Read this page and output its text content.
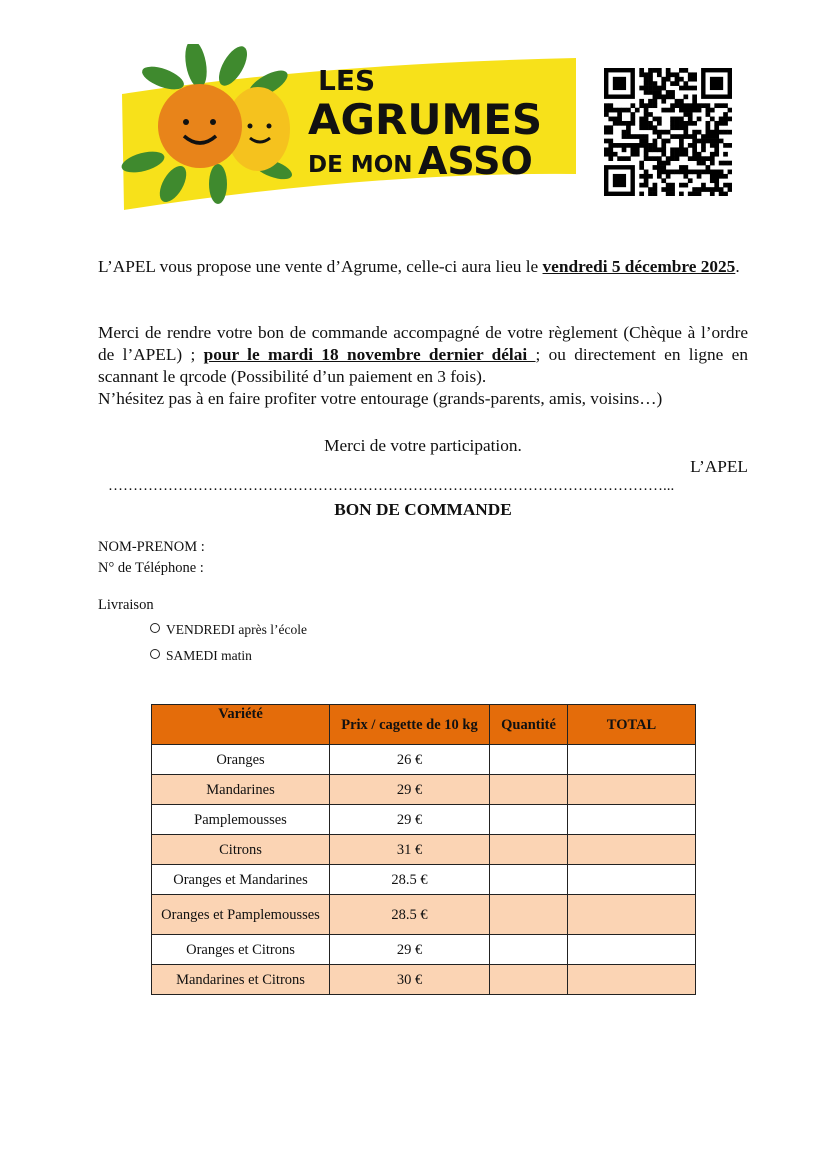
LES
AGRUMES
DE MON ASSO
L’APEL vous propose une vente d’Agrume, celle-ci aura lieu le vendredi 5 décembre 2025.
Merci de rendre votre bon de commande accompagné de votre règlement (Chèque à l’ordre de l’APEL) ; pour le mardi 18 novembre dernier délai ; ou directement en ligne en scannant le qrcode (Possibilité d’un paiement en 3 fois).
N’hésitez pas à en faire profiter votre entourage (grands-parents, amis, voisins…)
Merci de votre participation.
L’APEL
…………………………………………………………………………………………………...
BON DE COMMANDE
NOM-PRENOM :
N° de Téléphone :
Livraison
VENDREDI après l’école
SAMEDI matin
Variété	Prix / cagette de 10 kg	Quantité	TOTAL
Oranges	26 €		
Mandarines	29 €		
Pamplemousses	29 €		
Citrons	31 €		
Oranges et Mandarines	28.5 €		
Oranges et Pamplemousses	28.5 €		
Oranges et Citrons	29 €		
Mandarines et Citrons	30 €		
